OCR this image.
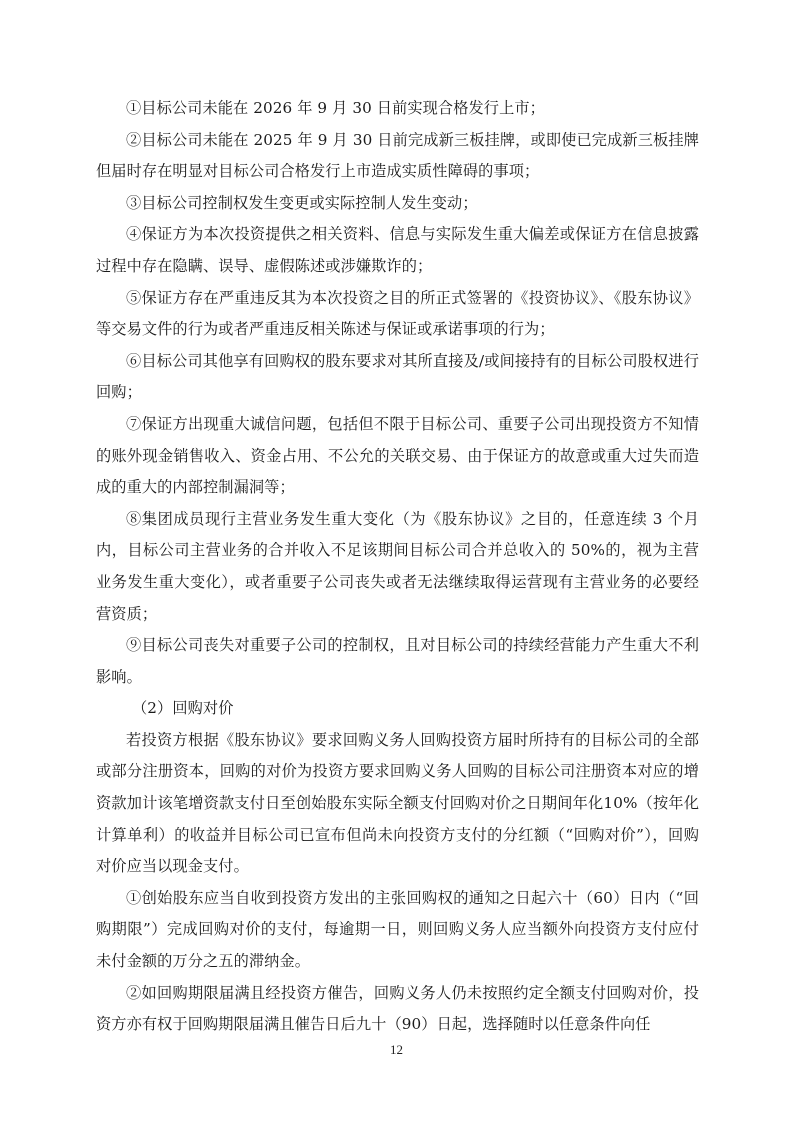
①目标公司未能在 2026 年 9 月 30 日前实现合格发行上市；

②目标公司未能在 2025 年 9 月 30 日前完成新三板挂牌，或即使已完成新三板挂牌但届时存在明显对目标公司合格发行上市造成实质性障碍的事项；

③目标公司控制权发生变更或实际控制人发生变动；

④保证方为本次投资提供之相关资料、信息与实际发生重大偏差或保证方在信息披露过程中存在隐瞒、误导、虚假陈述或涉嫌欺诈的；

⑤保证方存在严重违反其为本次投资之目的所正式签署的《投资协议》、《股东协议》等交易文件的行为或者严重违反相关陈述与保证或承诺事项的行为；

⑥目标公司其他享有回购权的股东要求对其所直接及/或间接持有的目标公司股权进行回购；

⑦保证方出现重大诚信问题，包括但不限于目标公司、重要子公司出现投资方不知情的账外现金销售收入、资金占用、不公允的关联交易、由于保证方的故意或重大过失而造成的重大的内部控制漏洞等；

⑧集团成员现行主营业务发生重大变化（为《股东协议》之目的，任意连续 3 个月内，目标公司主营业务的合并收入不足该期间目标公司合并总收入的 50%的，视为主营业务发生重大变化），或者重要子公司丧失或者无法继续取得运营现有主营业务的必要经营资质；

⑨目标公司丧失对重要子公司的控制权，且对目标公司的持续经营能力产生重大不利影响。

（2）回购对价

若投资方根据《股东协议》要求回购义务人回购投资方届时所持有的目标公司的全部或部分注册资本，回购的对价为投资方要求回购义务人回购的目标公司注册资本对应的增资款加计该笔增资款支付日至创始股东实际全额支付回购对价之日期间年化10%（按年化计算单利）的收益并目标公司已宣布但尚未向投资方支付的分红额（“回购对价”），回购对价应当以现金支付。

①创始股东应当自收到投资方发出的主张回购权的通知之日起六十（60）日内（“回购期限”）完成回购对价的支付，每逾期一日，则回购义务人应当额外向投资方支付应付未付金额的万分之五的滞纳金。

②如回购期限届满且经投资方催告，回购义务人仍未按照约定全额支付回购对价，投资方亦有权于回购期限届满且催告日后九十（90）日起，选择随时以任意条件向任

12
